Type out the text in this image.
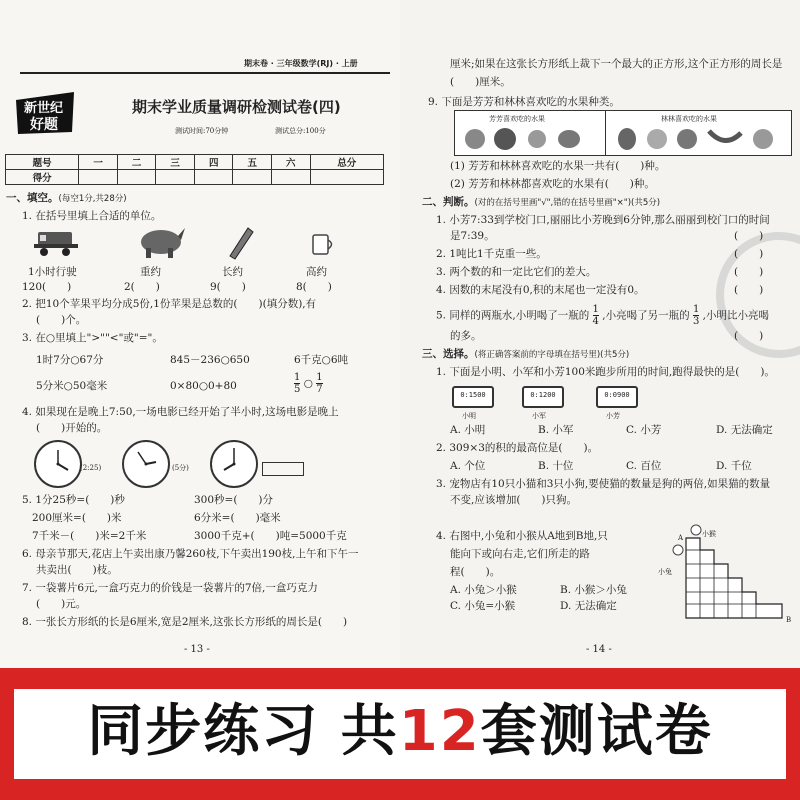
期末卷 · 三年级数学(RJ) · 上册
新世纪
好题
期末学业质量调研检测试卷(四)
测试时间:70分钟	测试总分:100分
题号	一	二	三	四	五	六	总分
得分							
一、填空。(每空1分,共28分)
1. 在括号里填上合适的单位。
1小时行驶	重约	长约	高约
120(　　)	2(　　)	9(　　)	8(　　)
2. 把10个苹果平均分成5份,1份苹果是总数的(　　)(填分数),有
(　　)个。
3. 在○里填上">""<"或"="。
1时7分○67分	845－236○650	6千克○6吨
5分米○50毫米	0×80○0+80	$\frac{1}{5}$ ○ $\frac{1}{7}$
4. 如果现在是晚上7:50,一场电影已经开始了半小时,这场电影是晚上
(　　)开始的。
(2:25)	(5分)
5. 1分25秒=(　　)秒	300秒=(　　)分
200厘米=(　　)米	6分米=(　　)毫米
7千米－(　　)米=2千米	3000千克+(　　)吨=5000千克
6. 母亲节那天,花店上午卖出康乃馨260枝,下午卖出190枝,上午和下午一
共卖出(　　)枝。
7. 一袋薯片6元,一盒巧克力的价钱是一袋薯片的7倍,一盒巧克力
(　　)元。
8. 一张长方形纸的长是6厘米,宽是2厘米,这张长方形纸的周长是(　　)
- 13 -
厘米;如果在这张长方形纸上裁下一个最大的正方形,这个正方形的周长是
(　　)厘米。
9. 下面是芳芳和林林喜欢吃的水果种类。
芳芳喜欢吃的水果	林林喜欢吃的水果
(1) 芳芳和林林喜欢吃的水果一共有(　　)种。
(2) 芳芳和林林都喜欢吃的水果有(　　)种。
二、判断。(对的在括号里画"√",错的在括号里画"×")(共5分)
1. 小芳7:33到学校门口,丽丽比小芳晚到6分钟,那么丽丽到校门口的时间
是7:39。	(　　)
2. 1吨比1千克重一些。	(　　)
3. 两个数的和一定比它们的差大。	(　　)
4. 因数的末尾没有0,积的末尾也一定没有0。	(　　)
5. 同样的两瓶水,小明喝了一瓶的 $\frac{1}{4}$ ,小亮喝了另一瓶的 $\frac{1}{3}$ ,小明比小亮喝
的多。	(　　)
三、选择。(将正确答案前的字母填在括号里)(共5分)
1. 下面是小明、小军和小芳100米跑步所用的时间,跑得最快的是(　　)。
0:1500	0:1200	0:0900
小明	小军	小芳
A. 小明	B. 小军	C. 小芳	D. 无法确定
2. 309×3的积的最高位是(　　)。
A. 个位	B. 十位	C. 百位	D. 千位
3. 宠物店有10只小猫和3只小狗,要使猫的数量是狗的两倍,如果猫的数量
不变,应该增加(　　)只狗。
4. 右图中,小兔和小猴从A地到B地,只
能向下或向右走,它们所走的路
程(　　)。
A. 小兔＞小猴	B. 小猴＞小兔
C. 小兔=小猴	D. 无法确定
小猴
小兔
A
B
- 14 -
同步练习 共12套测试卷
